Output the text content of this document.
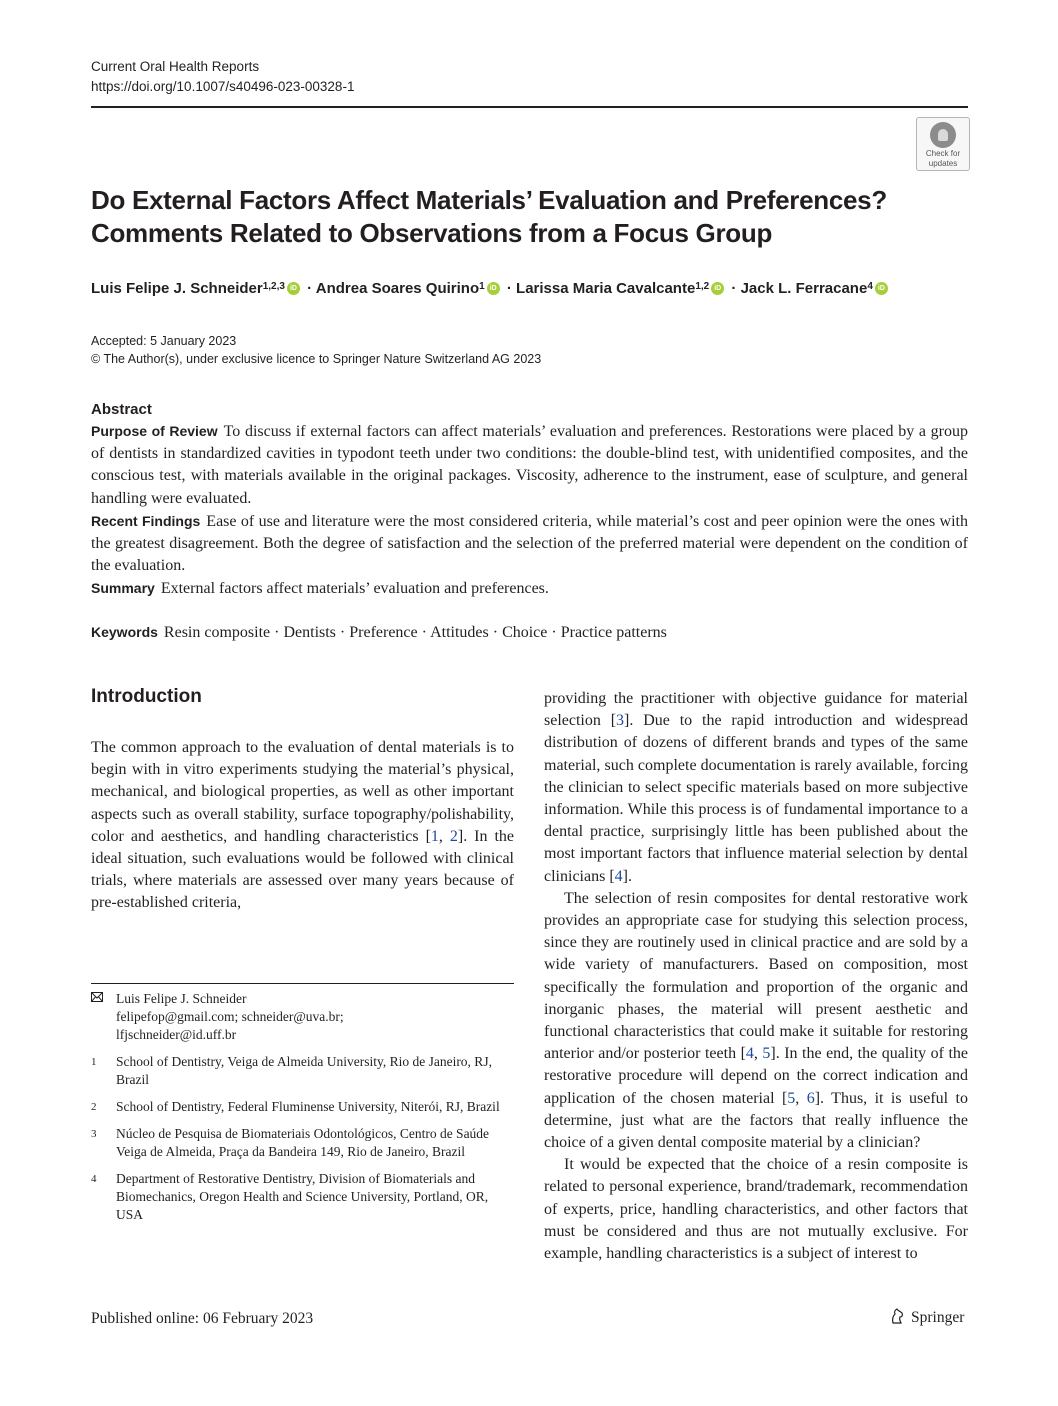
Current Oral Health Reports
https://doi.org/10.1007/s40496-023-00328-1
Check for
updates
Do External Factors Affect Materials’ Evaluation and Preferences?
Comments Related to Observations from a Focus Group
Luis Felipe J. Schneider$^{1,2,3}$ iD · Andrea Soares Quirino$^1$ iD · Larissa Maria Cavalcante$^{1,2}$ iD · Jack L. Ferracane$^4$ iD
Accepted: 5 January 2023
© The Author(s), under exclusive licence to Springer Nature Switzerland AG 2023
Abstract

Purpose of Review To discuss if external factors can affect materials’ evaluation and preferences. Restorations were placed by a group of dentists in standardized cavities in typodont teeth under two conditions: the double-blind test, with unidentified composites, and the conscious test, with materials available in the original packages. Viscosity, adherence to the instrument, ease of sculpture, and general handling were evaluated.

Recent Findings Ease of use and literature were the most considered criteria, while material’s cost and peer opinion were the ones with the greatest disagreement. Both the degree of satisfaction and the selection of the preferred material were dependent on the condition of the evaluation.

Summary External factors affect materials’ evaluation and preferences.

Keywords Resin composite · Dentists · Preference · Attitudes · Choice · Practice patterns
Introduction

The common approach to the evaluation of dental materials is to begin with in vitro experiments studying the material’s physical, mechanical, and biological properties, as well as other important aspects such as overall stability, surface topography/polishability, color and aesthetics, and handling characteristics [1, 2]. In the ideal situation, such evaluations would be followed with clinical trials, where materials are assessed over many years because of pre-established criteria,

Luis Felipe J. Schneider
felipefop@gmail.com; schneider@uva.br;
lfjschneider@id.uff.br
1	School of Dentistry, Veiga de Almeida University, Rio de Janeiro, RJ, Brazil
2	School of Dentistry, Federal Fluminense University, Niterói, RJ, Brazil
3	Núcleo de Pesquisa de Biomateriais Odontológicos, Centro de Saúde Veiga de Almeida, Praça da Bandeira 149, Rio de Janeiro, Brazil
4	Department of Restorative Dentistry, Division of Biomaterials and Biomechanics, Oregon Health and Science University, Portland, OR, USA

providing the practitioner with objective guidance for material selection [3]. Due to the rapid introduction and widespread distribution of dozens of different brands and types of the same material, such complete documentation is rarely available, forcing the clinician to select specific materials based on more subjective information. While this process is of fundamental importance to a dental practice, surprisingly little has been published about the most important factors that influence material selection by dental clinicians [4].

The selection of resin composites for dental restorative work provides an appropriate case for studying this selection process, since they are routinely used in clinical practice and are sold by a wide variety of manufacturers. Based on composition, most specifically the formulation and proportion of the organic and inorganic phases, the material will present aesthetic and functional characteristics that could make it suitable for restoring anterior and/or posterior teeth [4, 5]. In the end, the quality of the restorative procedure will depend on the correct indication and application of the chosen material [5, 6]. Thus, it is useful to determine, just what are the factors that really influence the choice of a given dental composite material by a clinician?

It would be expected that the choice of a resin composite is related to personal experience, brand/trademark, recommendation of experts, price, handling characteristics, and other factors that must be considered and thus are not mutually exclusive. For example, handling characteristics is a subject of interest to

Published online: 06 February 2023	Springer
